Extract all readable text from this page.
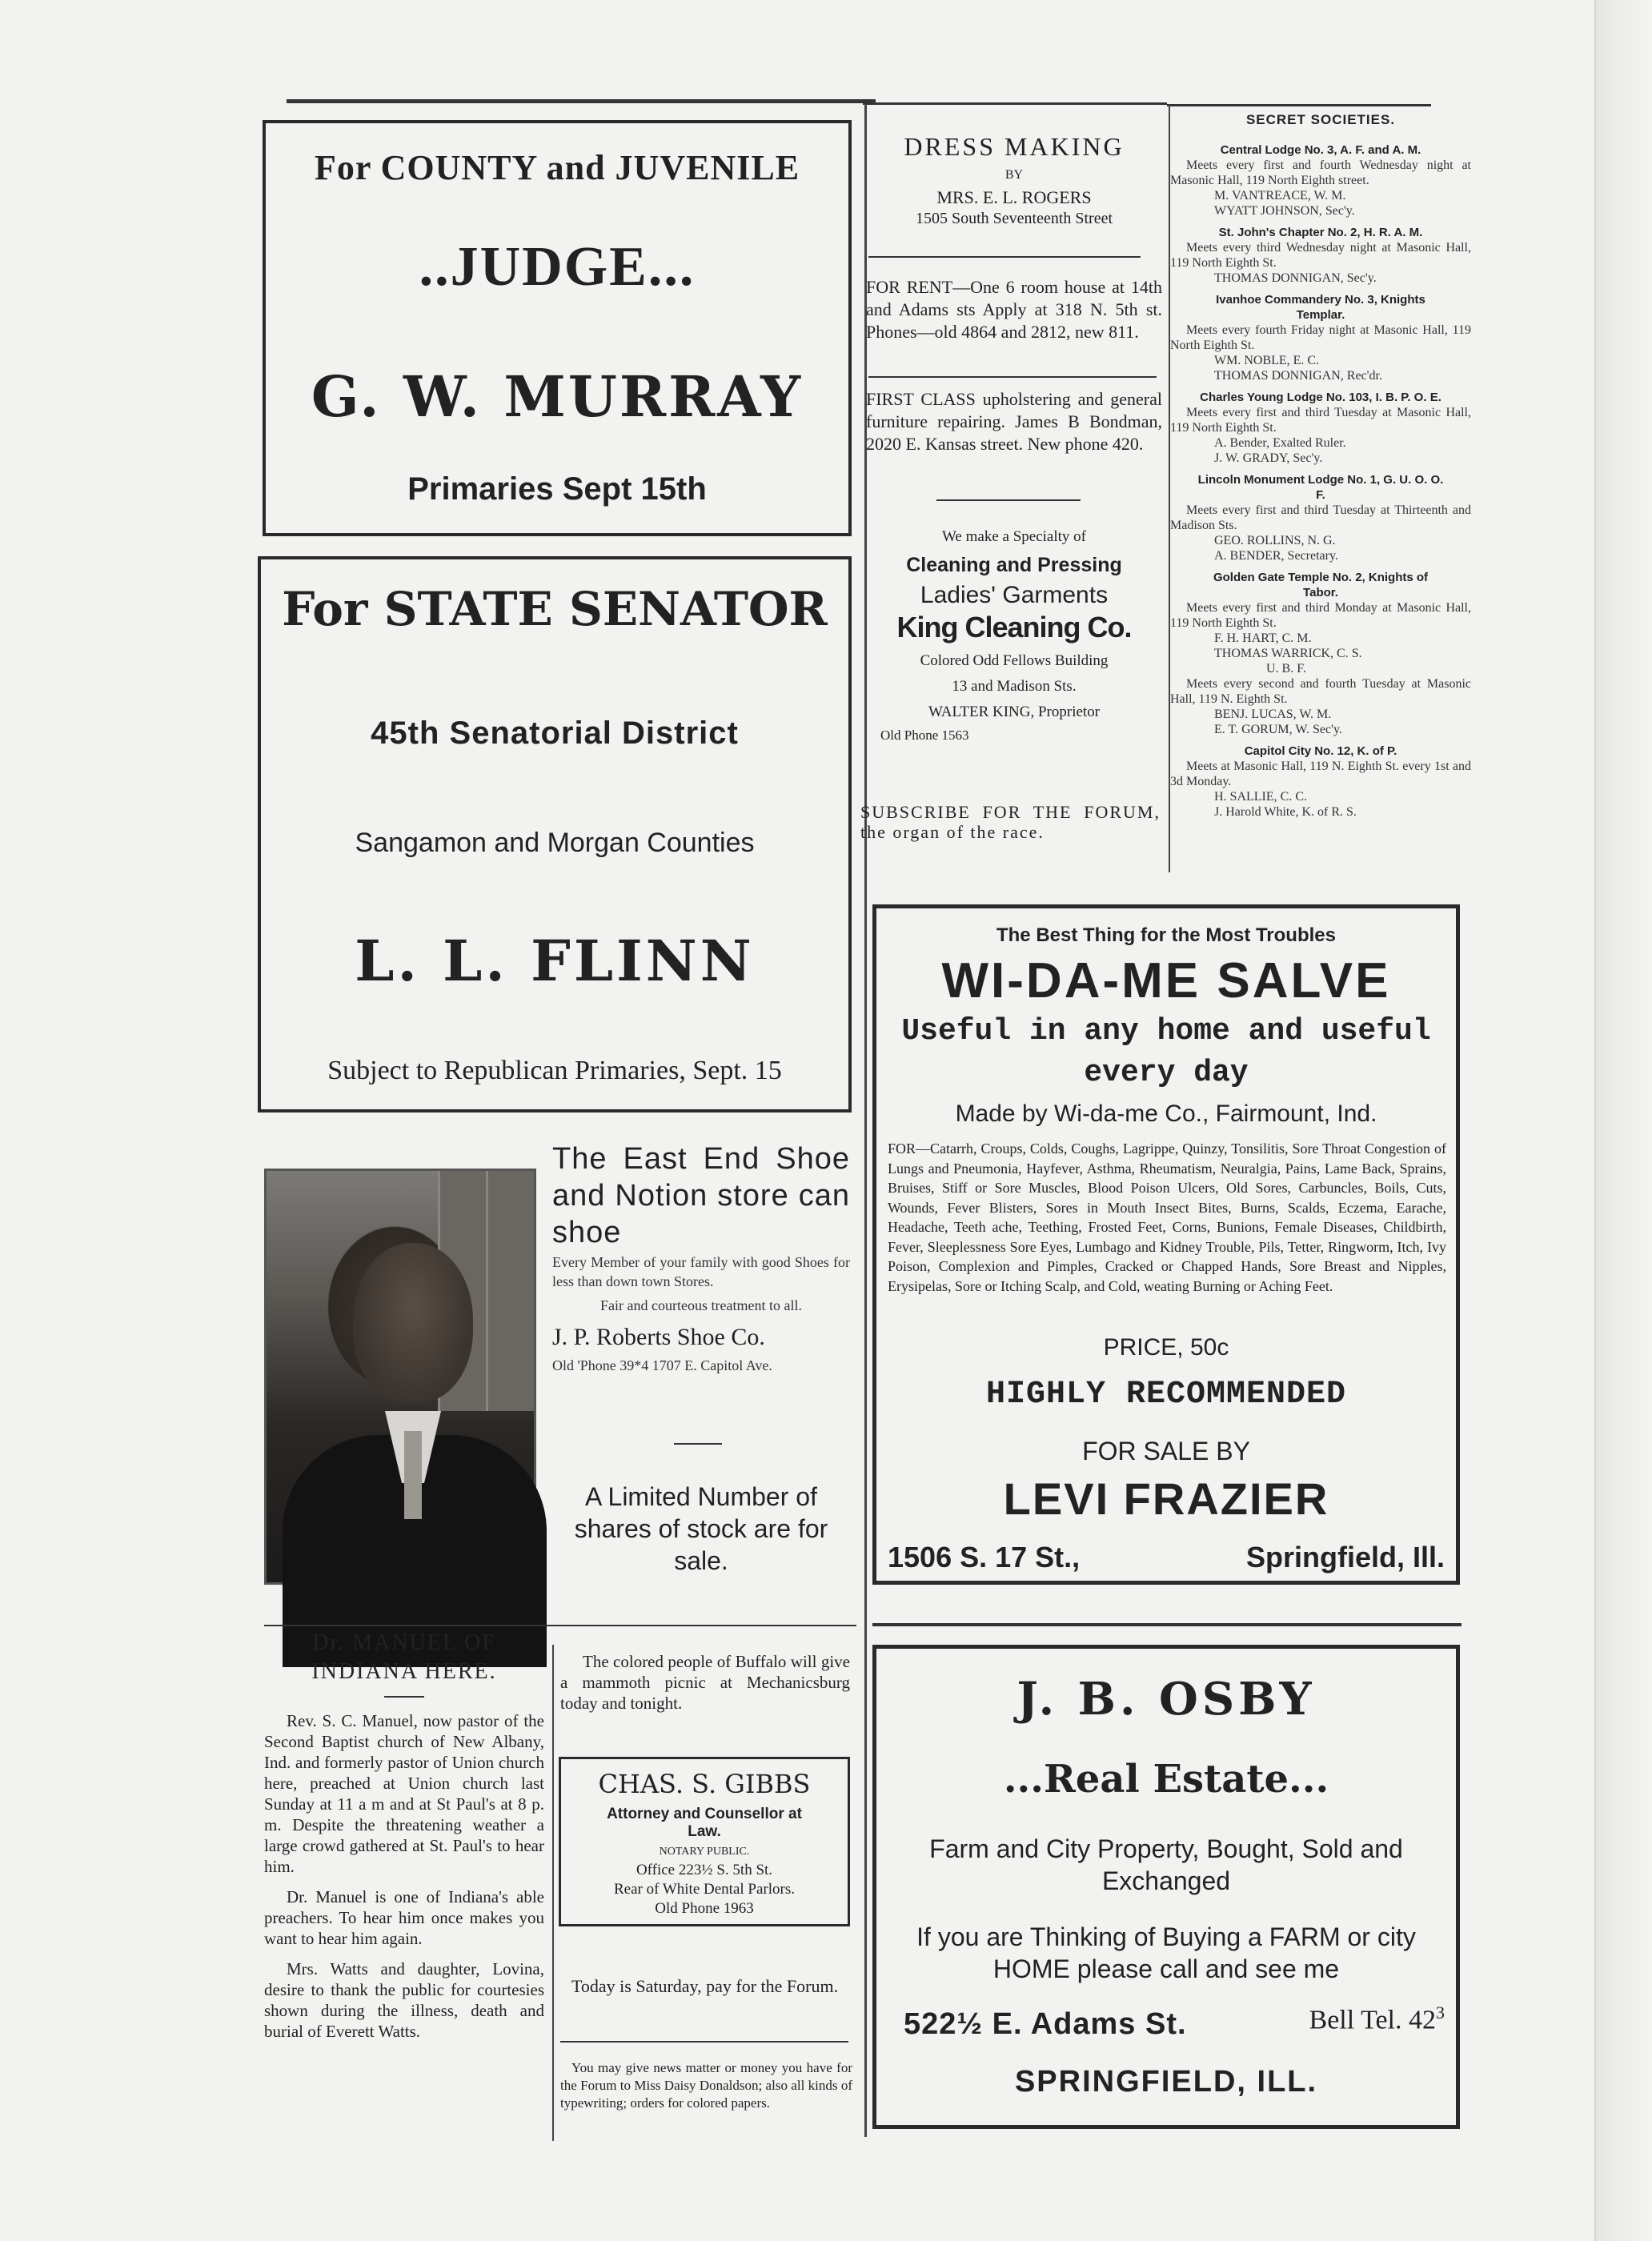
For COUNTY and JUVENILE
..JUDGE...
G. W. MURRAY
Primaries Sept 15th
For STATE SENATOR
45th Senatorial District
Sangamon and Morgan Counties
L. L. FLINN
Subject to Republican Primaries, Sept. 15
DRESS MAKING
BY
MRS. E. L. ROGERS
1505 South Seventeenth Street
FOR RENT—One 6 room house at 14th and Adams sts Apply at 318 N. 5th st. Phones—old 4864 and 2812, new 811.
FIRST CLASS upholstering and general furniture repairing. James B Bondman, 2020 E. Kansas street. New phone 420.
We make a Specialty of
Cleaning and Pressing
Ladies' Garments
King Cleaning Co.
Colored Odd Fellows Building
13 and Madison Sts.
WALTER KING, Proprietor
Old Phone 1563
SUBSCRIBE FOR THE FORUM, the organ of the race.
SECRET SOCIETIES.
Central Lodge No. 3, A. F. and A. M.
Meets every first and fourth Wednesday night at Masonic Hall, 119 North Eighth street.
M. VANTREACE, W. M.
WYATT JOHNSON, Sec'y.
St. John's Chapter No. 2, H. R. A. M.
Meets every third Wednesday night at Masonic Hall, 119 North Eighth St.
THOMAS DONNIGAN, Sec'y.
Ivanhoe Commandery No. 3, Knights Templar.
Meets every fourth Friday night at Masonic Hall, 119 North Eighth St.
WM. NOBLE, E. C.
THOMAS DONNIGAN, Rec'dr.
Charles Young Lodge No. 103, I. B. P. O. E.
Meets every first and third Tuesday at Masonic Hall, 119 North Eighth St.
A. Bender, Exalted Ruler.
J. W. GRADY, Sec'y.
Lincoln Monument Lodge No. 1, G. U. O. O. F.
Meets every first and third Tuesday at Thirteenth and Madison Sts.
GEO. ROLLINS, N. G.
A. BENDER, Secretary.
Golden Gate Temple No. 2, Knights of Tabor.
Meets every first and third Monday at Masonic Hall, 119 North Eighth St.
F. H. HART, C. M.
THOMAS WARRICK, C. S.
U. B. F.
Meets every second and fourth Tuesday at Masonic Hall, 119 N. Eighth St.
BENJ. LUCAS, W. M.
E. T. GORUM, W. Sec'y.
Capitol City No. 12, K. of P.
Meets at Masonic Hall, 119 N. Eighth St. every 1st and 3d Monday.
H. SALLIE, C. C.
J. Harold White, K. of R. S.
The Best Thing for the Most Troubles
WI-DA-ME SALVE
Useful in any home and useful every day
Made by Wi-da-me Co., Fairmount, Ind.
FOR—Catarrh, Croups, Colds, Coughs, Lagrippe, Quinzy, Tonsilitis, Sore Throat Congestion of Lungs and Pneumonia, Hayfever, Asthma, Rheumatism, Neuralgia, Pains, Lame Back, Sprains, Bruises, Stiff or Sore Muscles, Blood Poison Ulcers, Old Sores, Carbuncles, Boils, Cuts, Wounds, Fever Blisters, Sores in Mouth Insect Bites, Burns, Scalds, Eczema, Earache, Headache, Teeth ache, Teething, Frosted Feet, Corns, Bunions, Female Diseases, Childbirth, Fever, Sleeplessness Sore Eyes, Lumbago and Kidney Trouble, Pils, Tetter, Ringworm, Itch, Ivy Poison, Complexion and Pimples, Cracked or Chapped Hands, Sore Breast and Nipples, Erysipelas, Sore or Itching Scalp, and Cold, weating Burning or Aching Feet.
PRICE, 50c
HIGHLY RECOMMENDED
FOR SALE BY
LEVI FRAZIER
1506 S. 17 St.,	Springfield, Ill.
The East End Shoe and Notion store can shoe
Every Member of your family with good Shoes for less than down town Stores.
Fair and courteous treatment to all.
J. P. Roberts Shoe Co.
Old 'Phone 39*4 1707 E. Capitol Ave.
A Limited Number of shares of stock are for sale.
Dr. MANUEL OF INDIANA HERE.

Rev. S. C. Manuel, now pastor of the Second Baptist church of New Albany, Ind. and formerly pastor of Union church here, preached at Union church last Sunday at 11 a m and at St Paul's at 8 p. m. Despite the threatening weather a large crowd gathered at St. Paul's to hear him.

Dr. Manuel is one of Indiana's able preachers. To hear him once makes you want to hear him again.

Mrs. Watts and daughter, Lovina, desire to thank the public for courtesies shown during the illness, death and burial of Everett Watts.

The colored people of Buffalo will give a mammoth picnic at Mechanicsburg today and tonight.
CHAS. S. GIBBS
Attorney and Counsellor at Law.
NOTARY PUBLIC.
Office 223½ S. 5th St.
Rear of White Dental Parlors.
Old Phone 1963
Today is Saturday, pay for the Forum.
You may give news matter or money you have for the Forum to Miss Daisy Donaldson; also all kinds of typewriting; orders for colored papers.
J. B. OSBY
...Real Estate...
Farm and City Property, Bought, Sold and Exchanged
If you are Thinking of Buying a FARM or city HOME please call and see me
522½ E. Adams St.	Bell Tel. $42^3$
SPRINGFIELD, ILL.
